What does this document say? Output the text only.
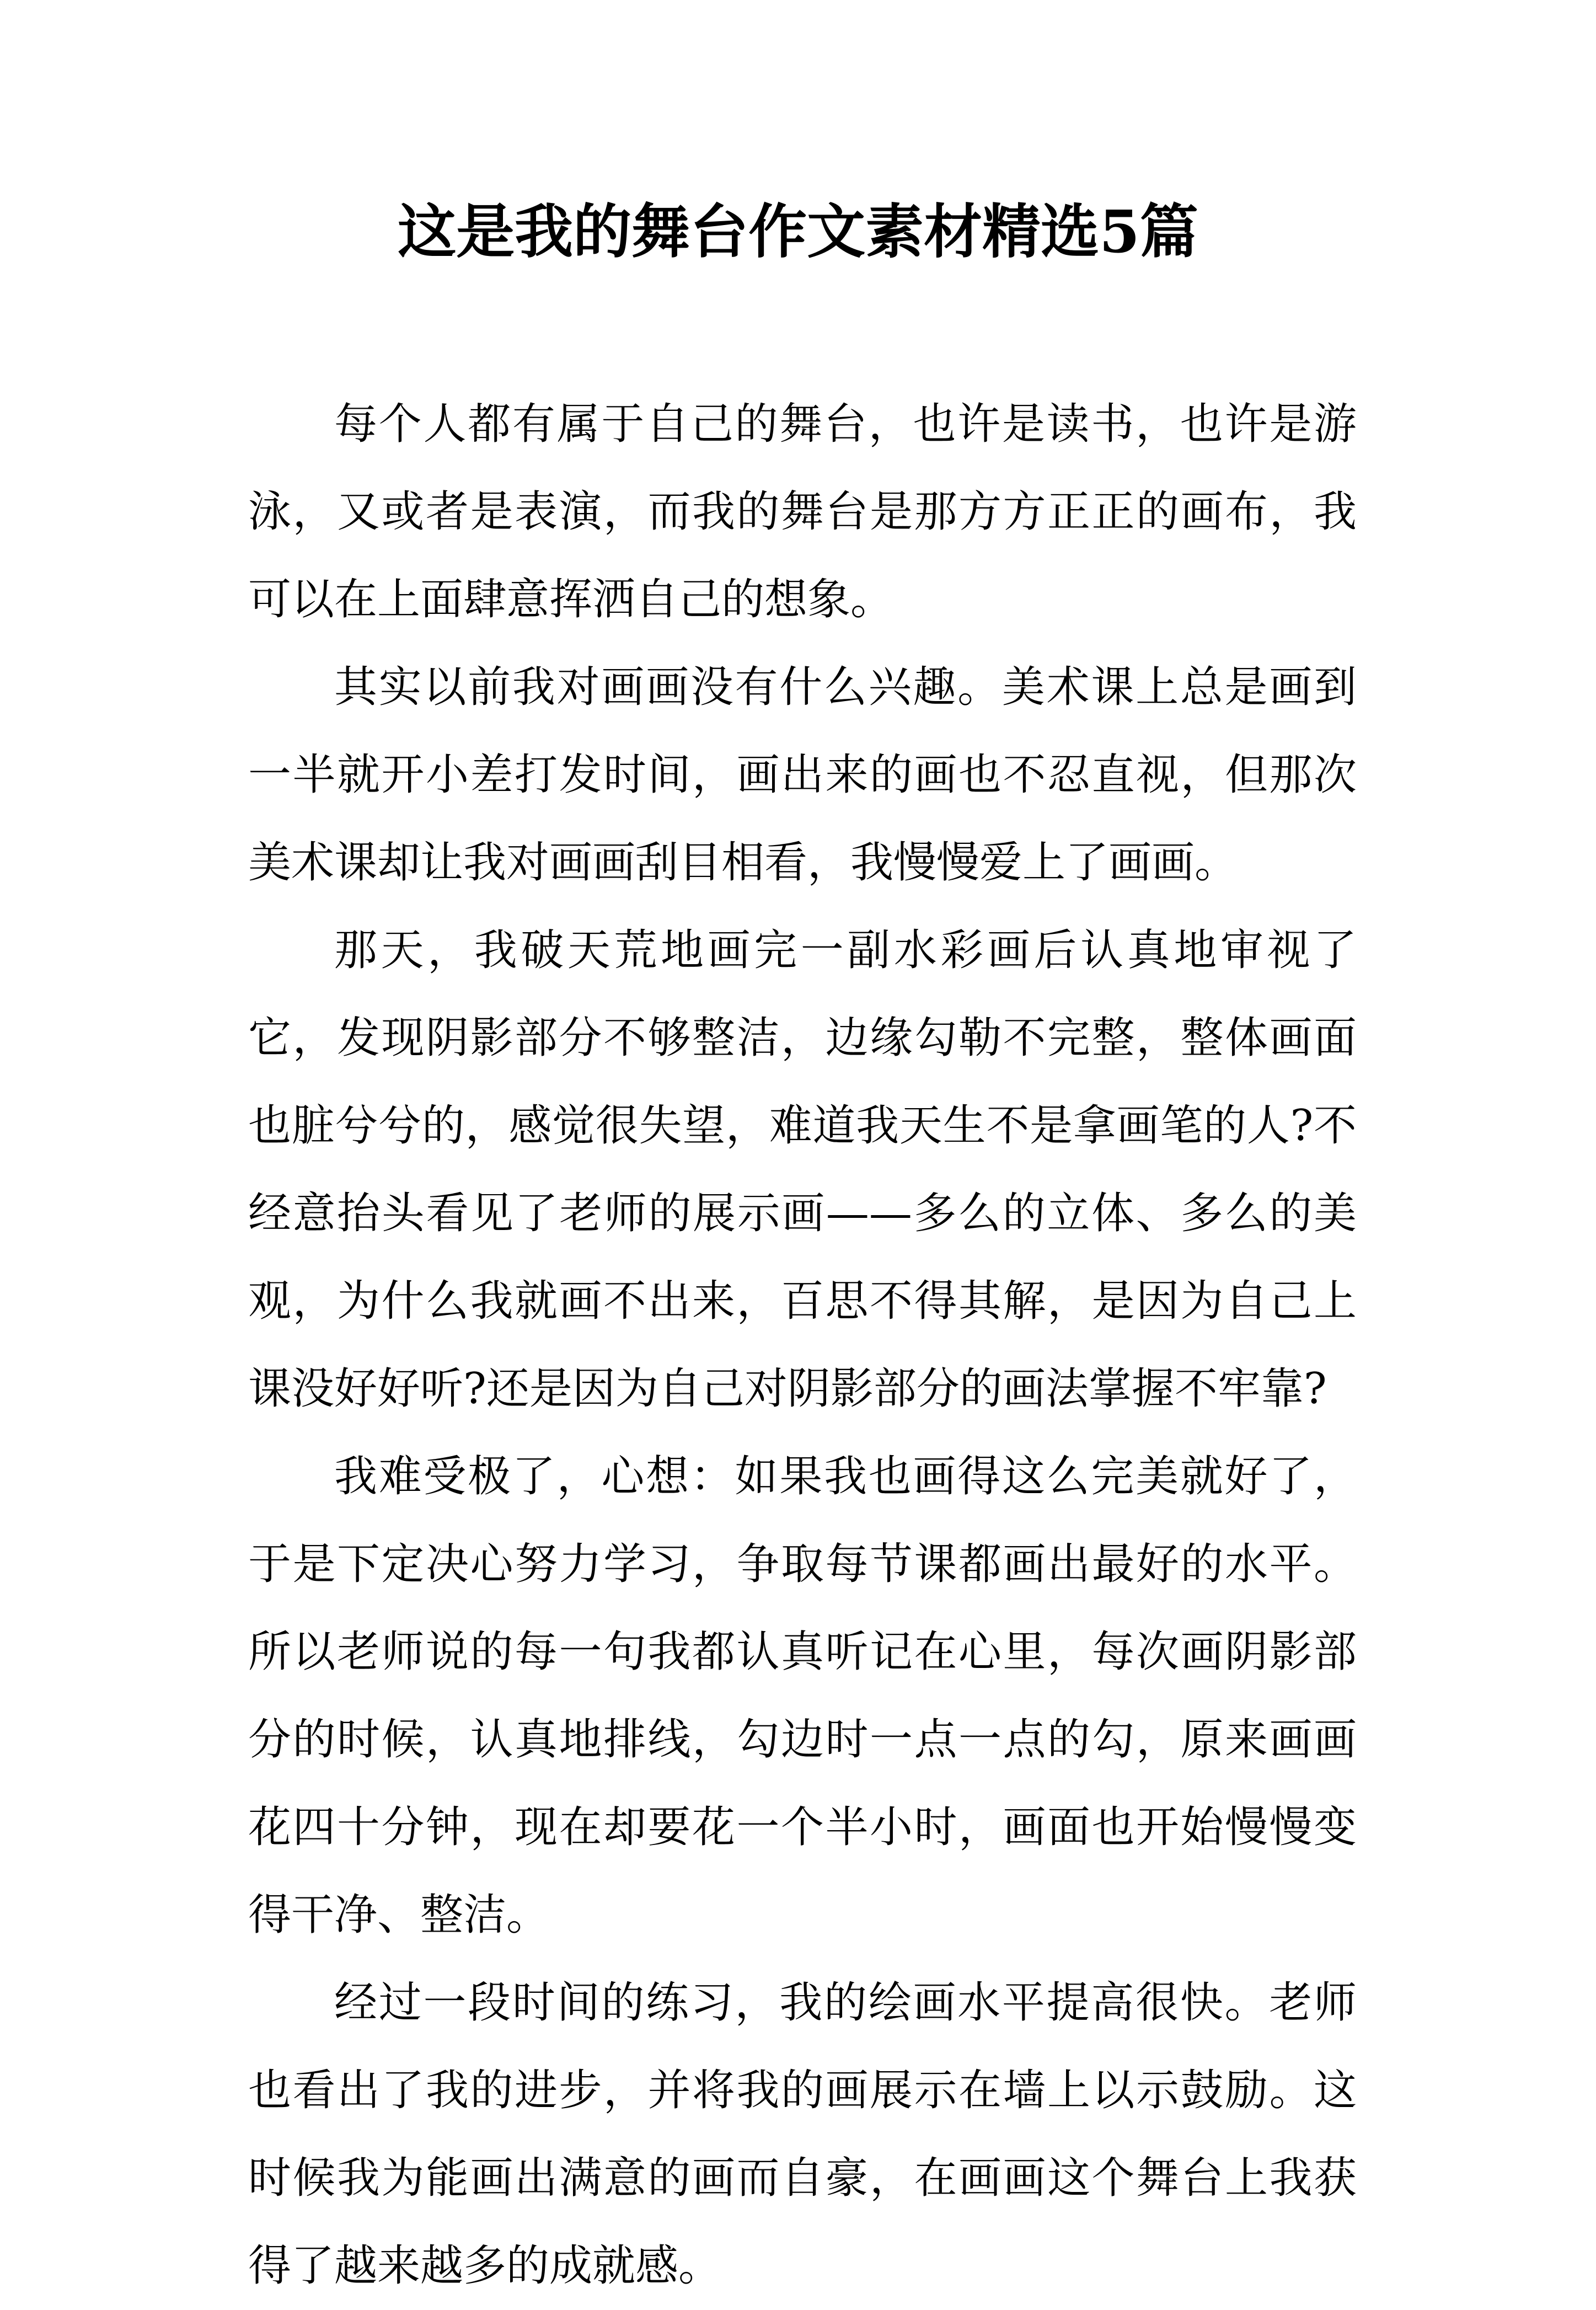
这是我的舞台作文素材精选5篇

每个人都有属于自己的舞台，也许是读书，也许是游泳，又或者是表演，而我的舞台是那方方正正的画布，我可以在上面肆意挥洒自己的想象。

其实以前我对画画没有什么兴趣。美术课上总是画到一半就开小差打发时间，画出来的画也不忍直视，但那次美术课却让我对画画刮目相看，我慢慢爱上了画画。

那天，我破天荒地画完一副水彩画后认真地审视了它，发现阴影部分不够整洁，边缘勾勒不完整，整体画面也脏兮兮的，感觉很失望，难道我天生不是拿画笔的人?不经意抬头看见了老师的展示画——多么的立体、多么的美观，为什么我就画不出来，百思不得其解，是因为自己上课没好好听?还是因为自己对阴影部分的画法掌握不牢靠?

我难受极了，心想：如果我也画得这么完美就好了，于是下定决心努力学习，争取每节课都画出最好的水平。所以老师说的每一句我都认真听记在心里，每次画阴影部分的时候，认真地排线，勾边时一点一点的勾，原来画画花四十分钟，现在却要花一个半小时，画面也开始慢慢变得干净、整洁。

经过一段时间的练习，我的绘画水平提高很快。老师也看出了我的进步，并将我的画展示在墙上以示鼓励。这时候我为能画出满意的画而自豪，在画画这个舞台上我获得了越来越多的成就感。
